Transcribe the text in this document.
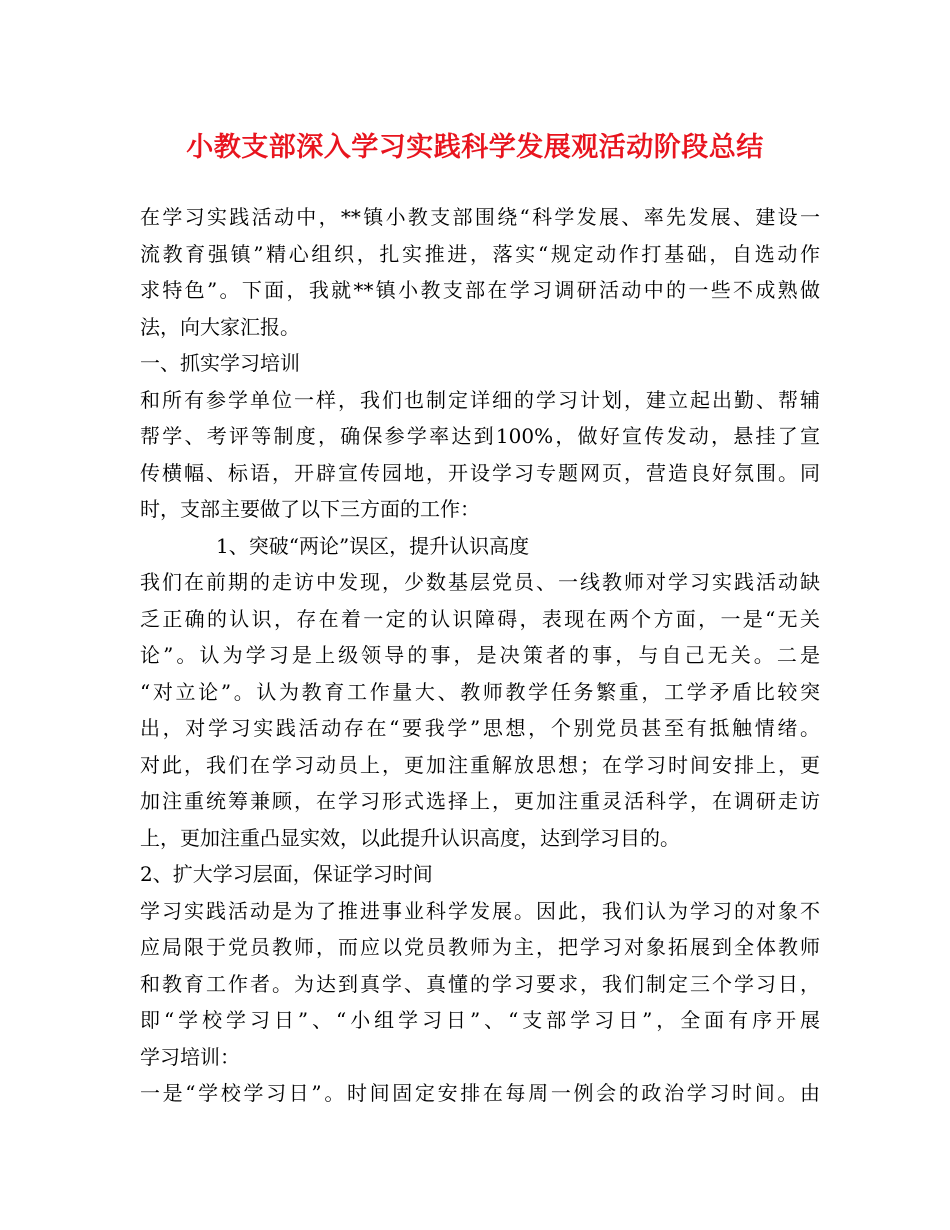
小教支部深入学习实践科学发展观活动阶段总结
在学习实践活动中，**镇小教支部围绕“科学发展、率先发展、建设一
流教育强镇”精心组织，扎实推进，落实“规定动作打基础，自选动作
求特色”。下面，我就**镇小教支部在学习调研活动中的一些不成熟做
法，向大家汇报。
一、抓实学习培训
和所有参学单位一样，我们也制定详细的学习计划，建立起出勤、帮辅
帮学、考评等制度，确保参学率达到100%，做好宣传发动，悬挂了宣
传横幅、标语，开辟宣传园地，开设学习专题网页，营造良好氛围。同
时，支部主要做了以下三方面的工作：
1、突破“两论”误区，提升认识高度
我们在前期的走访中发现，少数基层党员、一线教师对学习实践活动缺
乏正确的认识，存在着一定的认识障碍，表现在两个方面，一是“无关
论”。认为学习是上级领导的事，是决策者的事，与自己无关。二是
“对立论”。认为教育工作量大、教师教学任务繁重，工学矛盾比较突
出，对学习实践活动存在“要我学”思想，个别党员甚至有抵触情绪。
对此，我们在学习动员上，更加注重解放思想；在学习时间安排上，更
加注重统筹兼顾，在学习形式选择上，更加注重灵活科学，在调研走访
上，更加注重凸显实效，以此提升认识高度，达到学习目的。
2、扩大学习层面，保证学习时间
学习实践活动是为了推进事业科学发展。因此，我们认为学习的对象不
应局限于党员教师，而应以党员教师为主，把学习对象拓展到全体教师
和教育工作者。为达到真学、真懂的学习要求，我们制定三个学习日，
即“学校学习日”、“小组学习日”、“支部学习日”，全面有序开展
学习培训：
一是“学校学习日”。时间固定安排在每周一例会的政治学习时间。由
